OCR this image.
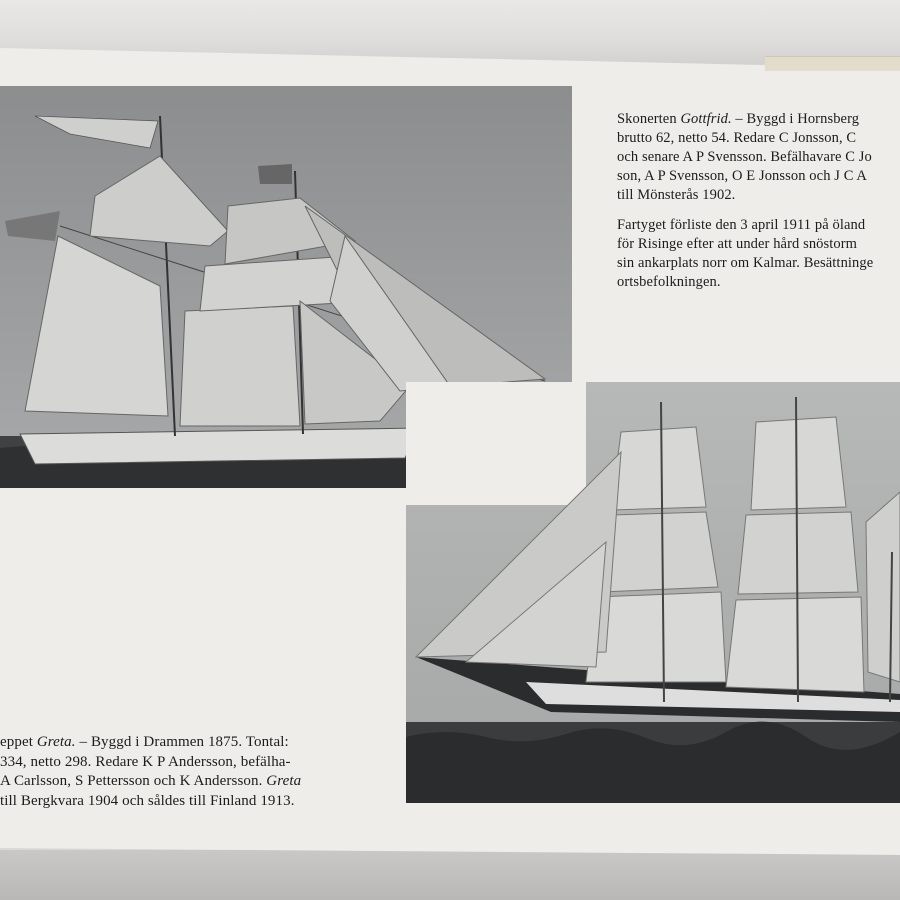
Skonerten Gottfrid. – Byggd i Hornsberg

brutto 62, netto 54. Redare C Jonsson, C

och senare A P Svensson. Befälhavare C Jo

son, A P Svensson, O E Jonsson och J C A

till Mönsterås 1902.

Fartyget förliste den 3 april 1911 på öland

för Risinge efter att under hård snöstorm

sin ankarplats norr om Kalmar. Besättninge

ortsbefolkningen.

eppet Greta. – Byggd i Drammen 1875. Tontal:

334, netto 298. Redare K P Andersson, befälha-

A Carlsson, S Pettersson och K Andersson. Greta

till Bergkvara 1904 och såldes till Finland 1913.
